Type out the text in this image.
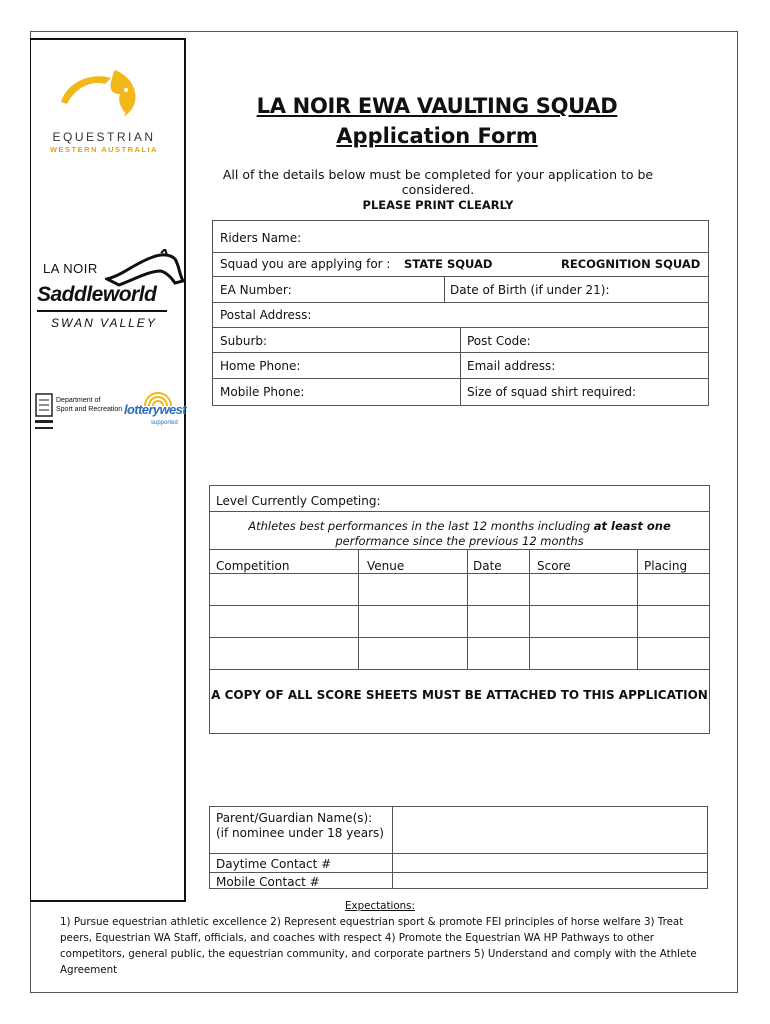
EQUESTRIAN
WESTERN AUSTRALIA
LA NOIR
Saddleworld
SWAN VALLEY
Department of
Sport and Recreation lotterywest
supported
LA NOIR EWA VAULTING SQUAD
Application Form
All of the details below must be completed for your application to be considered.
PLEASE PRINT CLEARLY
Riders Name:
Squad you are applying for : STATE SQUAD	RECOGNITION SQUAD
EA Number:	Date of Birth (if under 21):
Postal Address:
Suburb:	Post Code:
Home Phone:	Email address:
Mobile Phone:	Size of squad shirt required:
Level Currently Competing:
Athletes best performances in the last 12 months including at least one
performance since the previous 12 months
Competition	Venue	Date	Score	Placing
A COPY OF ALL SCORE SHEETS MUST BE ATTACHED TO THIS APPLICATION
Parent/Guardian Name(s):
(if nominee under 18 years)
Daytime Contact #
Mobile Contact #
Expectations:
1) Pursue equestrian athletic excellence 2) Represent equestrian sport & promote FEI principles of horse welfare 3) Treat peers, Equestrian WA Staff, officials, and coaches with respect 4) Promote the Equestrian WA HP Pathways to other competitors, general public, the equestrian community, and corporate partners 5) Understand and comply with the Athlete Agreement
